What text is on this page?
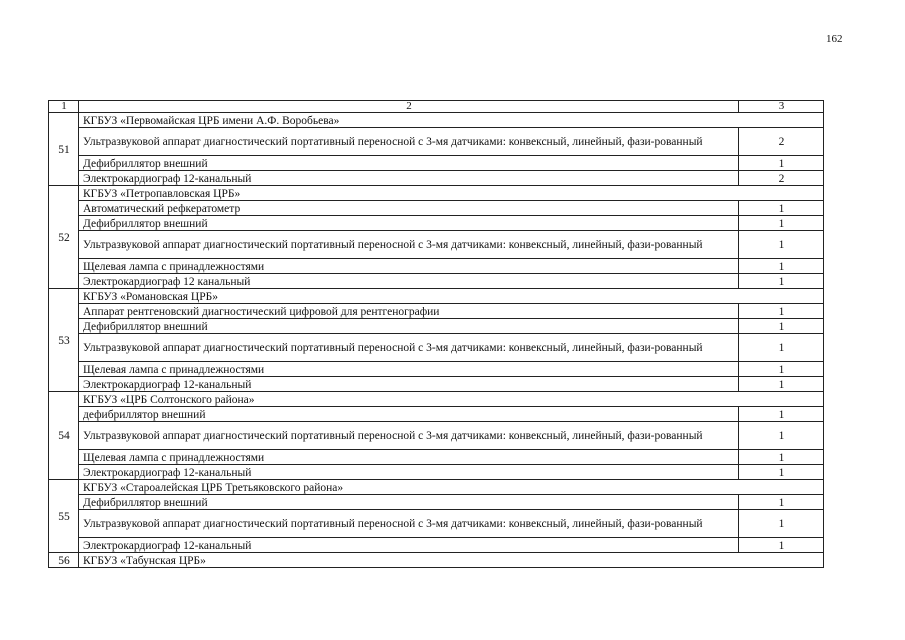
162
1	2	3
51	КГБУЗ «Первомайская ЦРБ имени А.Ф. Воробьева»	
	Ультразвуковой аппарат диагностический портативный переносной с 3-мя датчиками: конвексный, линейный, фази-рованный	2
	Дефибриллятор внешний	1
	Электрокардиограф 12-канальный	2
52	КГБУЗ «Петропавловская ЦРБ»	
	Автоматический рефкератометр	1
	Дефибриллятор внешний	1
	Ультразвуковой аппарат диагностический портативный переносной с 3-мя датчиками: конвексный, линейный, фази-рованный	1
	Щелевая лампа с принадлежностями	1
	Электрокардиограф 12 канальный	1
53	КГБУЗ «Романовская ЦРБ»	
	Аппарат рентгеновский диагностический цифровой для рентгенографии	1
	Дефибриллятор внешний	1
	Ультразвуковой аппарат диагностический портативный переносной с 3-мя датчиками: конвексный, линейный, фази-рованный	1
	Щелевая лампа с принадлежностями	1
	Электрокардиограф 12-канальный	1
54	КГБУЗ «ЦРБ Солтонского района»	
	дефибриллятор внешний	1
	Ультразвуковой аппарат диагностический портативный переносной с 3-мя датчиками: конвексный, линейный, фази-рованный	1
	Щелевая лампа с принадлежностями	1
	Электрокардиограф 12-канальный	1
55	КГБУЗ «Староалейская ЦРБ Третьяковского района»	
	Дефибриллятор внешний	1
	Ультразвуковой аппарат диагностический портативный переносной с 3-мя датчиками: конвексный, линейный, фази-рованный	1
	Электрокардиограф 12-канальный	1
56	КГБУЗ «Табунская ЦРБ»	
